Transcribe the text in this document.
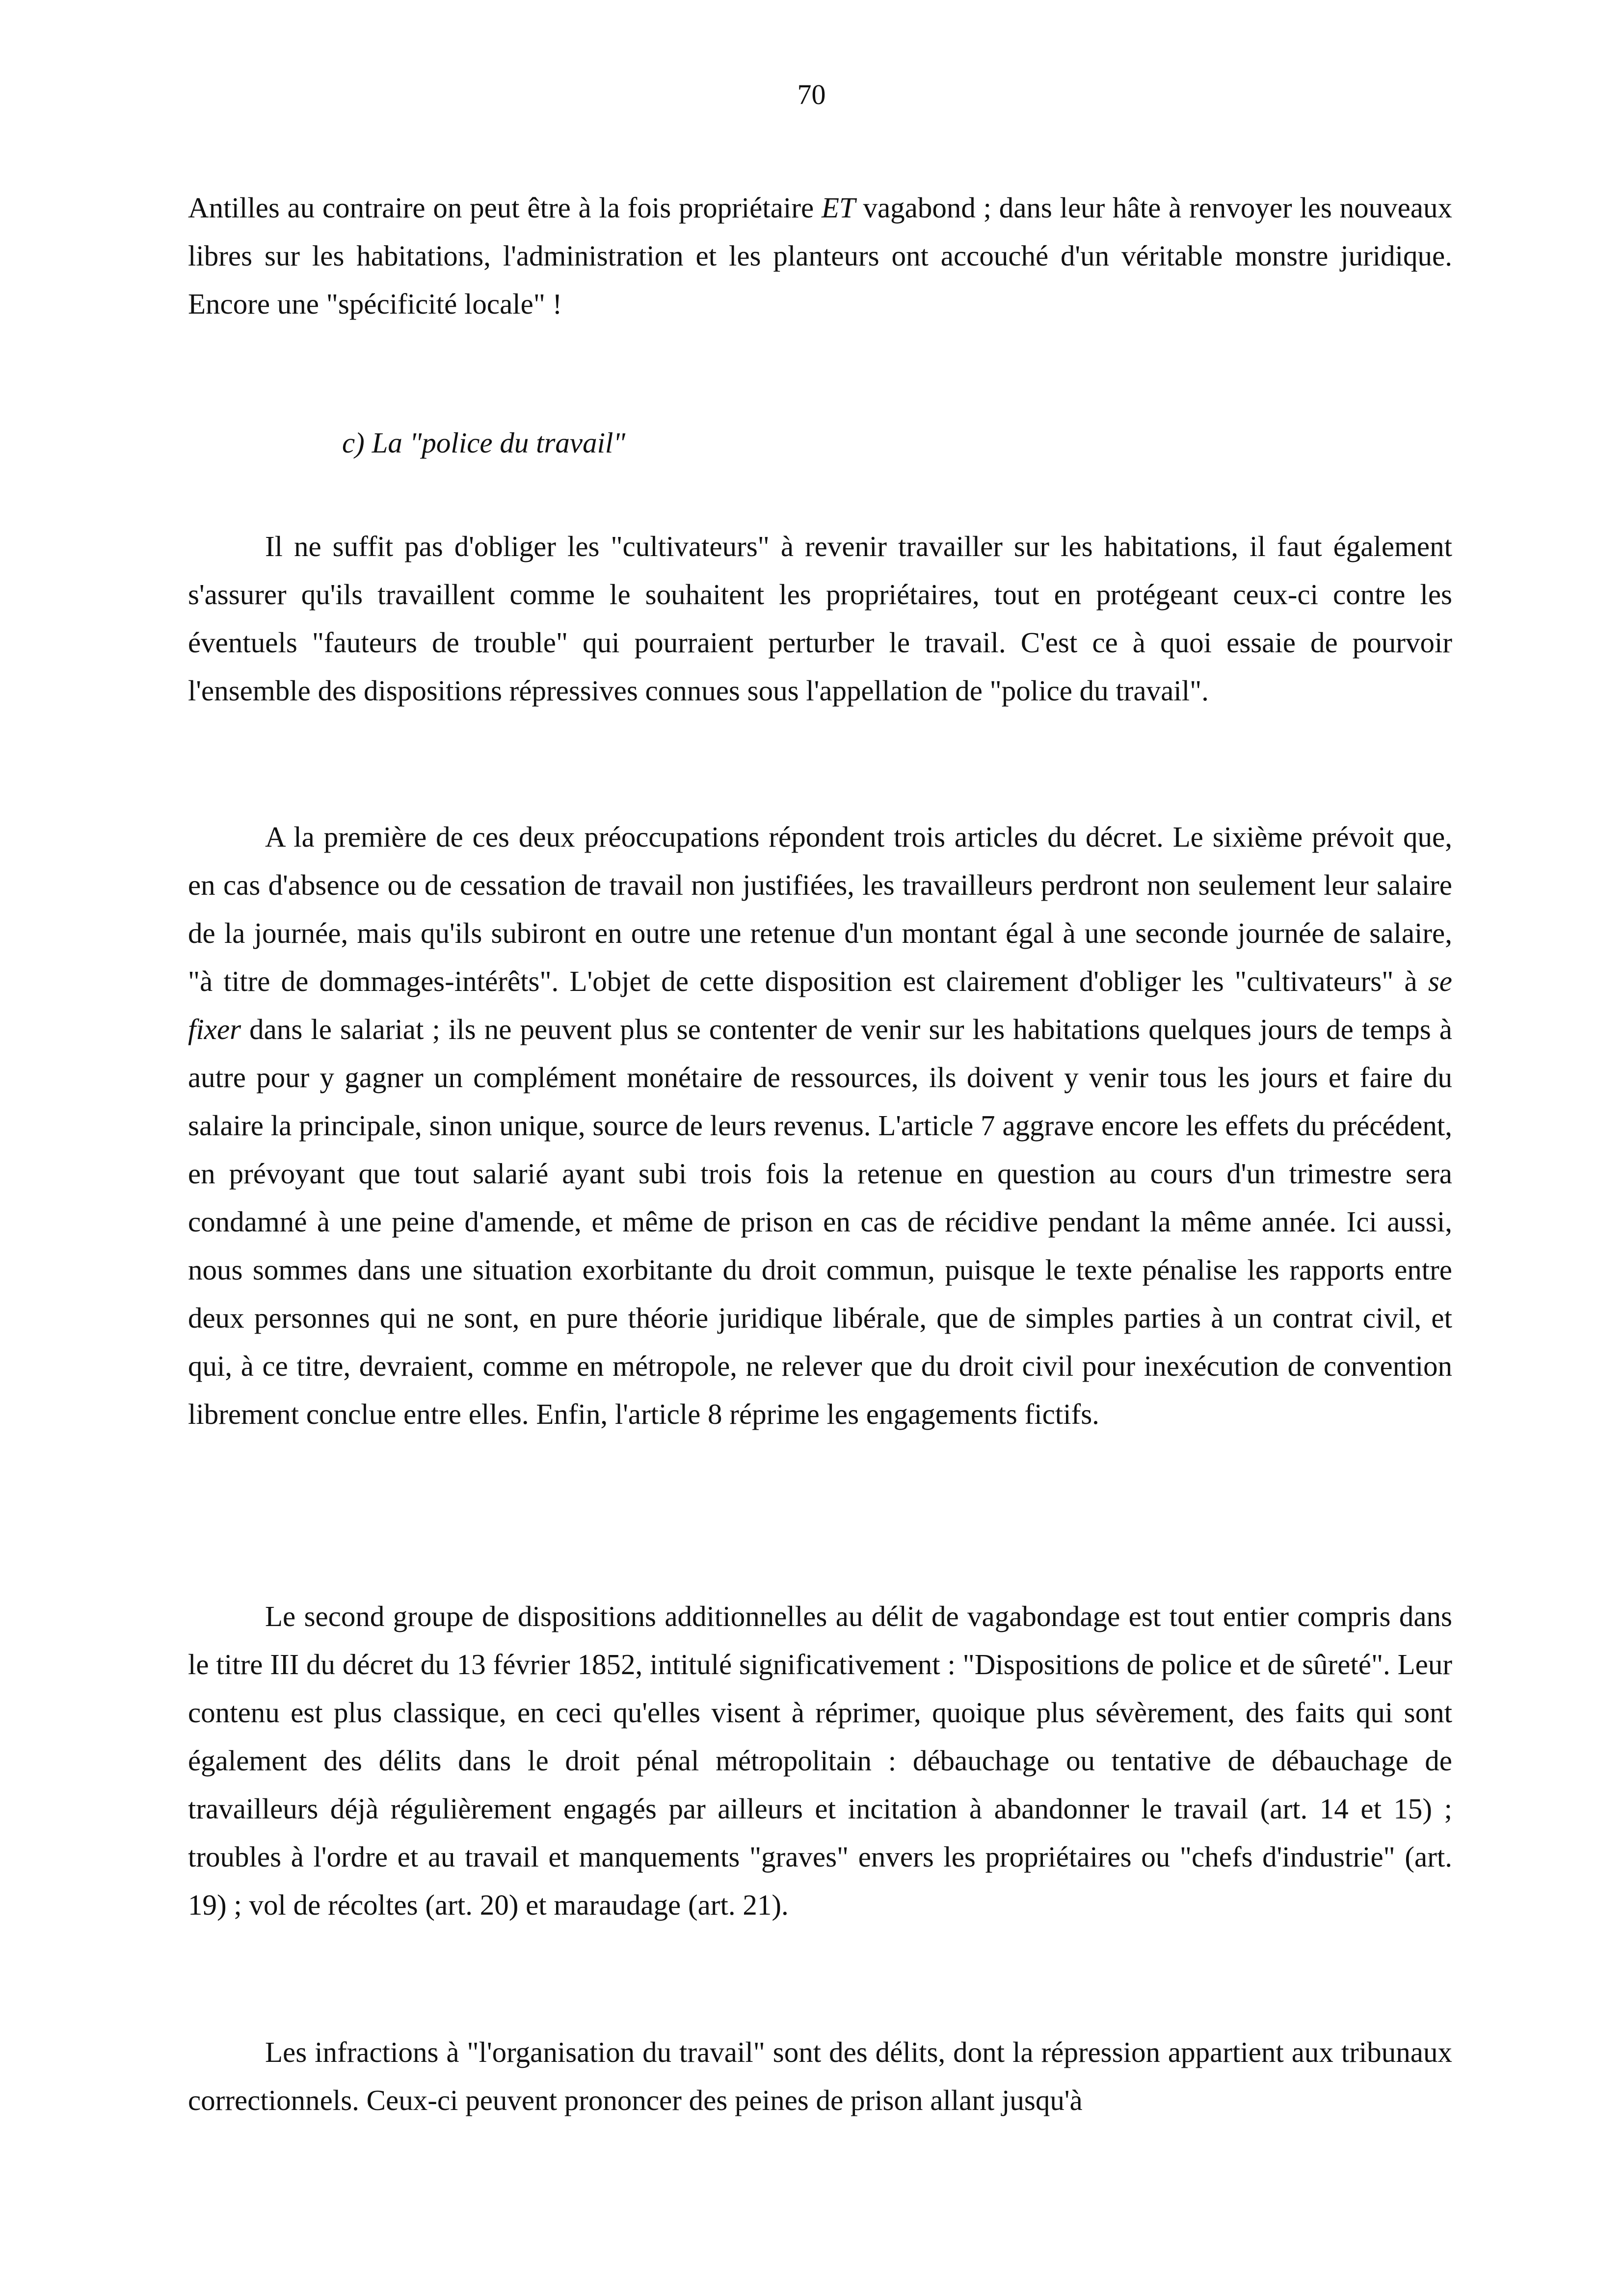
70

Antilles au contraire on peut être à la fois propriétaire ET vagabond ; dans leur hâte à renvoyer les nouveaux libres sur les habitations, l'administration et les planteurs ont accouché d'un véritable monstre juridique. Encore une "spécificité locale" !

c) La "police du travail"

Il ne suffit pas d'obliger les "cultivateurs" à revenir travailler sur les habitations, il faut également s'assurer qu'ils travaillent comme le souhaitent les propriétaires, tout en protégeant ceux-ci contre les éventuels "fauteurs de trouble" qui pourraient perturber le travail. C'est ce à quoi essaie de pourvoir l'ensemble des dispositions répressives connues sous l'appellation de "police du travail".

A la première de ces deux préoccupations répondent trois articles du décret. Le sixième prévoit que, en cas d'absence ou de cessation de travail non justifiées, les travailleurs perdront non seulement leur salaire de la journée, mais qu'ils subiront en outre une retenue d'un montant égal à une seconde journée de salaire, "à titre de dommages-intérêts". L'objet de cette disposition est clairement d'obliger les "cultivateurs" à se fixer dans le salariat ; ils ne peuvent plus se contenter de venir sur les habitations quelques jours de temps à autre pour y gagner un complément monétaire de ressources, ils doivent y venir tous les jours et faire du salaire la principale, sinon unique, source de leurs revenus. L'article 7 aggrave encore les effets du précédent, en prévoyant que tout salarié ayant subi trois fois la retenue en question au cours d'un trimestre sera condamné à une peine d'amende, et même de prison en cas de récidive pendant la même année. Ici aussi, nous sommes dans une situation exorbitante du droit commun, puisque le texte pénalise les rapports entre deux personnes qui ne sont, en pure théorie juridique libérale, que de simples parties à un contrat civil, et qui, à ce titre, devraient, comme en métropole, ne relever que du droit civil pour inexécution de convention librement conclue entre elles. Enfin, l'article 8 réprime les engagements fictifs.

Le second groupe de dispositions additionnelles au délit de vagabondage est tout entier compris dans le titre III du décret du 13 février 1852, intitulé significativement : "Dispositions de police et de sûreté". Leur contenu est plus classique, en ceci qu'elles visent à réprimer, quoique plus sévèrement, des faits qui sont également des délits dans le droit pénal métropolitain : débauchage ou tentative de débauchage de travailleurs déjà régulièrement engagés par ailleurs et incitation à abandonner le travail (art. 14 et 15) ; troubles à l'ordre et au travail et manquements "graves" envers les propriétaires ou "chefs d'industrie" (art. 19) ; vol de récoltes (art. 20) et maraudage (art. 21).

Les infractions à "l'organisation du travail" sont des délits, dont la répression appartient aux tribunaux correctionnels. Ceux-ci peuvent prononcer des peines de prison allant jusqu'à
